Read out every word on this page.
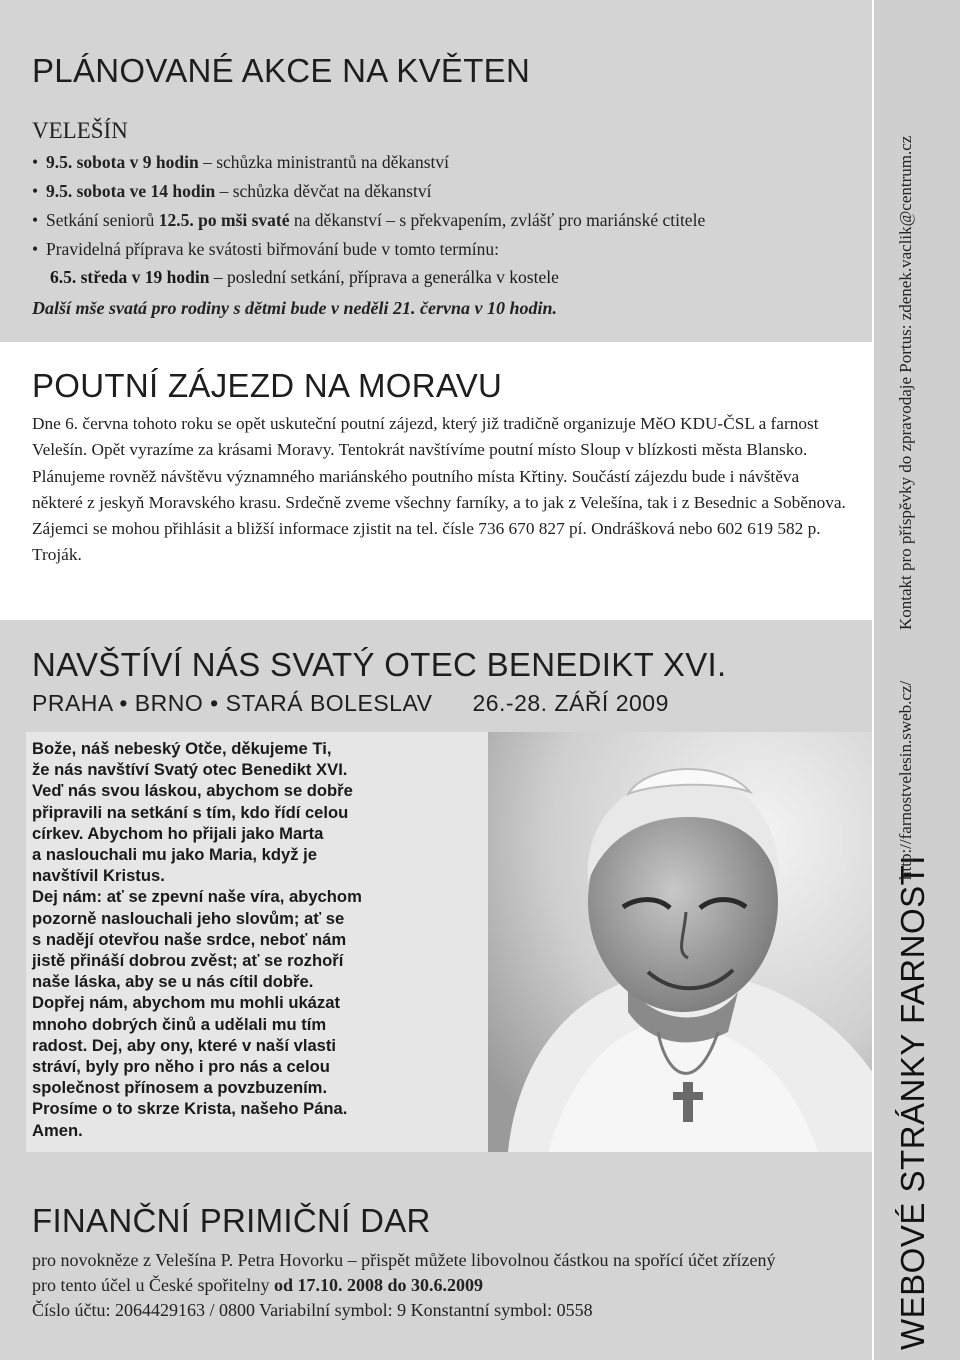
PLÁNOVANÉ AKCE NA KVĚTEN
VELEŠÍN
• 9.5. sobota v 9 hodin – schůzka ministrantů na děkanství
• 9.5. sobota ve 14 hodin – schůzka děvčat na děkanství
• Setkání seniorů 12.5. po mši svaté na děkanství – s překvapením, zvlášť pro mariánské ctitele
• Pravidelná příprava ke svátosti biřmování bude v tomto termínu:
6.5. středa v 19 hodin – poslední setkání, příprava a generálka v kostele
Další mše svatá pro rodiny s dětmi bude v neděli 21. června v 10 hodin.
POUTNÍ ZÁJEZD NA MORAVU

Dne 6. června tohoto roku se opět uskuteční poutní zájezd, který již tradičně organizuje MěO KDU-ČSL a farnost Velešín. Opět vyrazíme za krásami Moravy. Tentokrát navštívíme poutní místo Sloup v blízkosti města Blansko. Plánujeme rovněž návštěvu významného mariánského poutního místa Křtiny. Součástí zájezdu bude i návštěva některé z jeskyň Moravského krasu. Srdečně zveme všechny farníky, a to jak z Velešína, tak i z Besednic a Soběnova. Zájemci se mohou přihlásit a bližší informace zjistit na tel. čísle 736 670 827 pí. Ondrášková nebo 602 619 582 p. Troják.

NAVŠTÍVÍ NÁS SVATÝ OTEC BENEDIKT XVI.
PRAHA • BRNO • STARÁ BOLESLAV 26.-28. ZÁŘÍ 2009
Bože, náš nebeský Otče, děkujeme Ti,
že nás navštíví Svatý otec Benedikt XVI.
Veď nás svou láskou, abychom se dobře
připravili na setkání s tím, kdo řídí celou
církev. Abychom ho přijali jako Marta
a naslouchali mu jako Maria, když je
navštívil Kristus.
Dej nám: ať se zpevní naše víra, abychom
pozorně naslouchali jeho slovům; ať se
s nadějí otevřou naše srdce, neboť nám
jistě přináší dobrou zvěst; ať se rozhoří
naše láska, aby se u nás cítil dobře.
Dopřej nám, abychom mu mohli ukázat
mnoho dobrých činů a udělali mu tím
radost. Dej, aby ony, které v naší vlasti
stráví, byly pro něho i pro nás a celou
společnost přínosem a povzbuzením.
Prosíme o to skrze Krista, našeho Pána.
Amen.
FINANČNÍ PRIMIČNÍ DAR
pro novokněze z Velešína P. Petra Hovorku – přispět můžete libovolnou částkou na spořící účet zřízený
pro tento účel u České spořitelny od 17.10. 2008 do 30.6.2009
Číslo účtu: 2064429163 / 0800 Variabilní symbol: 9 Konstantní symbol: 0558	WEBOVÉ STRÁNKY FARNOSTI
http://farnostvelesin.sweb.cz/
Kontakt pro příspěvky do zpravodaje Portus: zdenek.vaclik@centrum.cz
